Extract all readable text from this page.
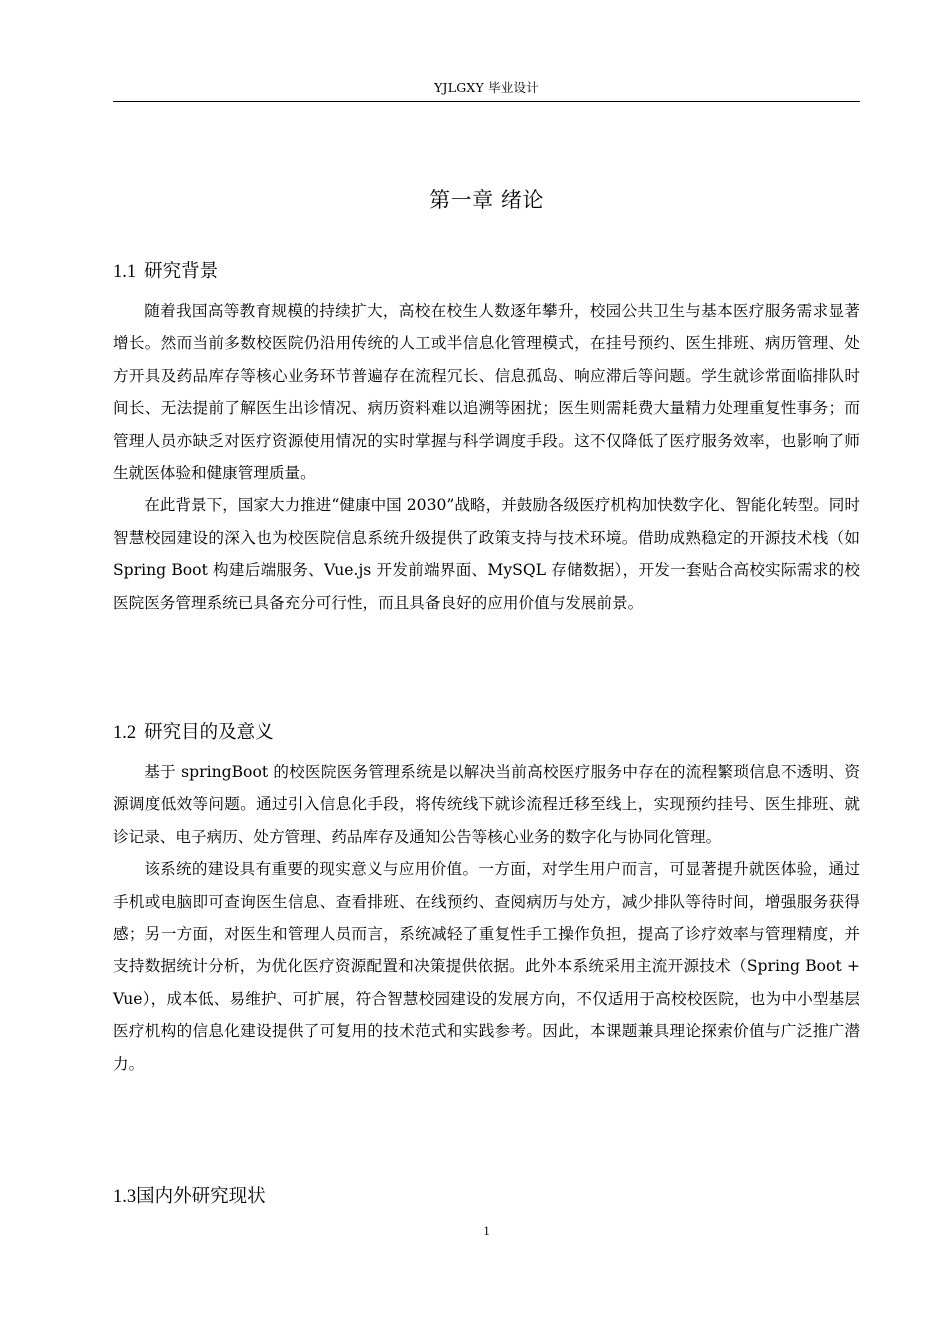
YJLGXY 毕业设计
第一章 绪论
1.1 研究背景

随着我国高等教育规模的持续扩大，高校在校生人数逐年攀升，校园公共卫生与基本医疗服务需求显著增长。然而当前多数校医院仍沿用传统的人工或半信息化管理模式，在挂号预约、医生排班、病历管理、处方开具及药品库存等核心业务环节普遍存在流程冗长、信息孤岛、响应滞后等问题。学生就诊常面临排队时间长、无法提前了解医生出诊情况、病历资料难以追溯等困扰；医生则需耗费大量精力处理重复性事务；而管理人员亦缺乏对医疗资源使用情况的实时掌握与科学调度手段。这不仅降低了医疗服务效率，也影响了师生就医体验和健康管理质量。

在此背景下，国家大力推进“健康中国 2030”战略，并鼓励各级医疗机构加快数字化、智能化转型。同时智慧校园建设的深入也为校医院信息系统升级提供了政策支持与技术环境。借助成熟稳定的开源技术栈（如 Spring Boot 构建后端服务、Vue.js 开发前端界面、MySQL 存储数据），开发一套贴合高校实际需求的校医院医务管理系统已具备充分可行性，而且具备良好的应用价值与发展前景。

1.2 研究目的及意义

基于 springBoot 的校医院医务管理系统是以解决当前高校医疗服务中存在的流程繁琐信息不透明、资源调度低效等问题。通过引入信息化手段，将传统线下就诊流程迁移至线上，实现预约挂号、医生排班、就诊记录、电子病历、处方管理、药品库存及通知公告等核心业务的数字化与协同化管理。

该系统的建设具有重要的现实意义与应用价值。一方面，对学生用户而言，可显著提升就医体验，通过手机或电脑即可查询医生信息、查看排班、在线预约、查阅病历与处方，减少排队等待时间，增强服务获得感；另一方面，对医生和管理人员而言，系统减轻了重复性手工操作负担，提高了诊疗效率与管理精度，并支持数据统计分析，为优化医疗资源配置和决策提供依据。此外本系统采用主流开源技术（Spring Boot + Vue），成本低、易维护、可扩展，符合智慧校园建设的发展方向，不仅适用于高校校医院，也为中小型基层医疗机构的信息化建设提供了可复用的技术范式和实践参考。因此，本课题兼具理论探索价值与广泛推广潜力。

1.3国内外研究现状
1
